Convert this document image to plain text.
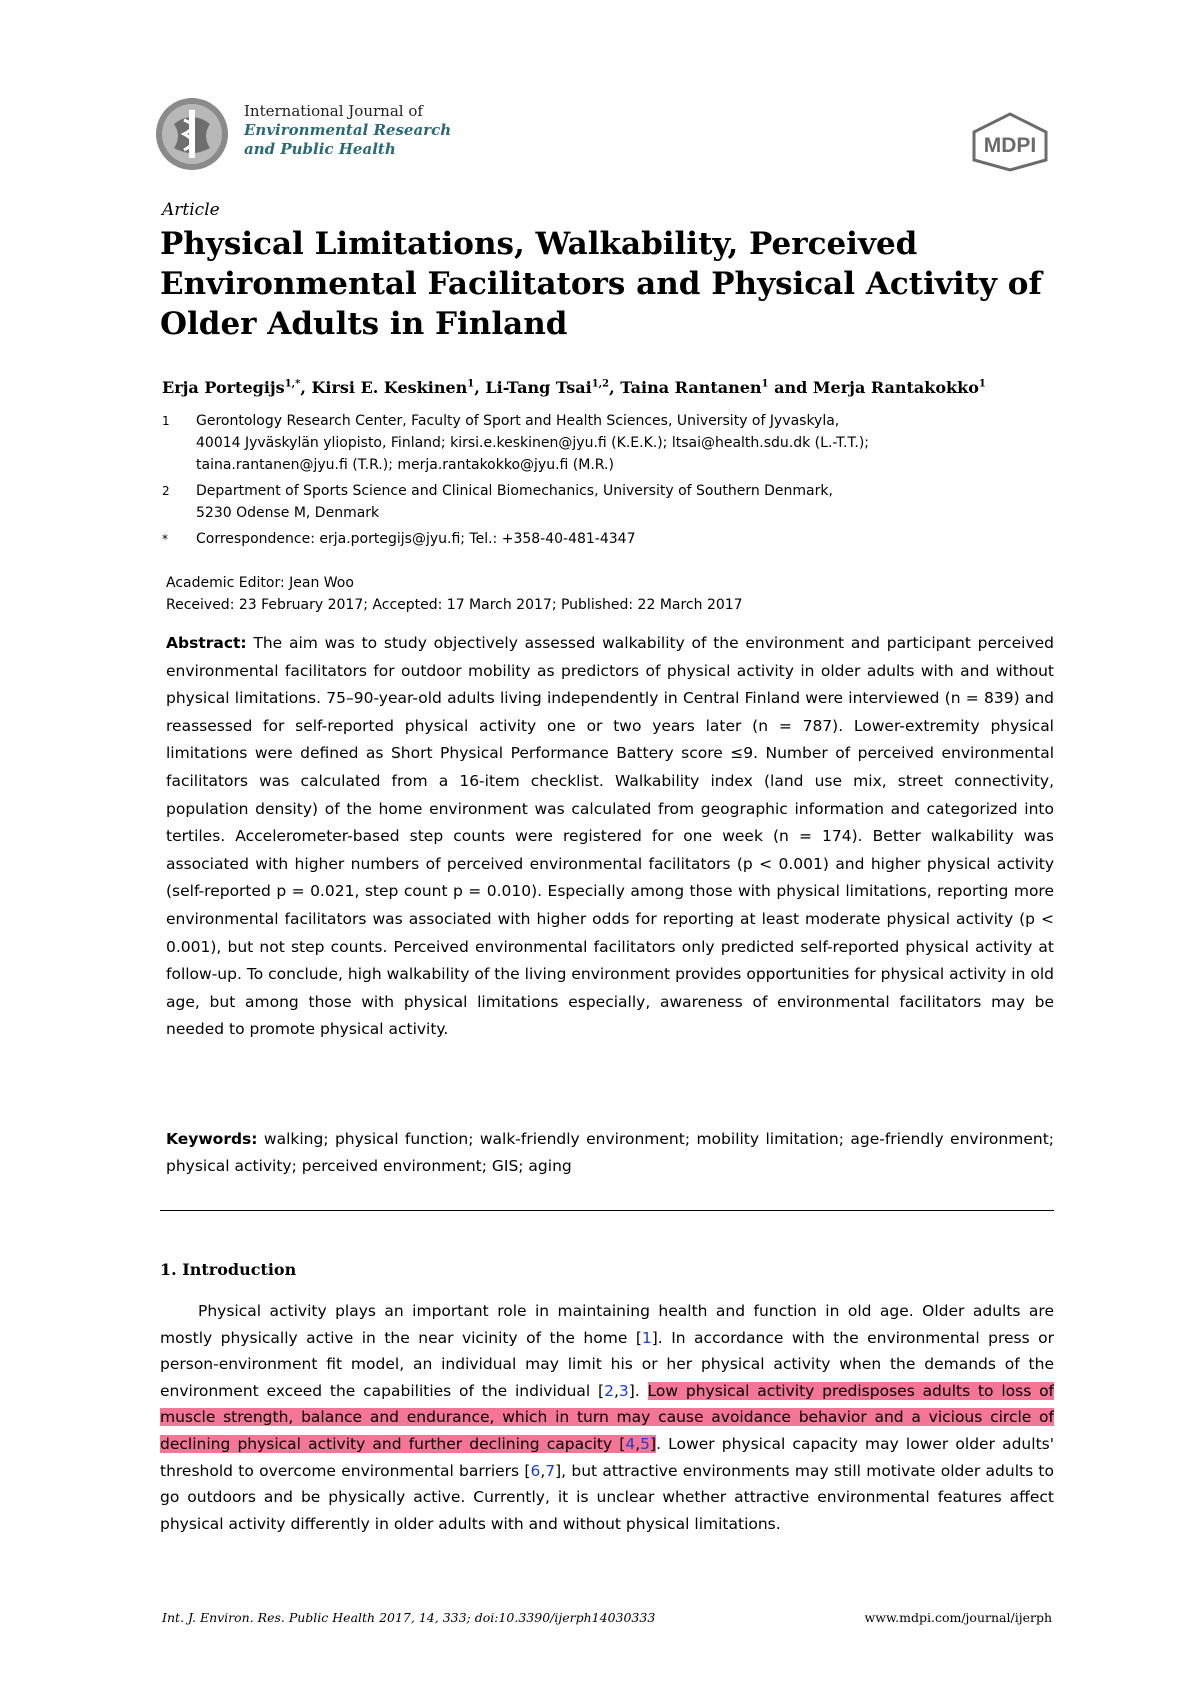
International Journal of
Environmental Research
and Public Health	MDPI
Article
Physical Limitations, Walkability, Perceived
Environmental Facilitators and Physical Activity of
Older Adults in Finland
Erja Portegijs$^{1,*}$, Kirsi E. Keskinen$^1$, Li-Tang Tsai$^{1,2}$, Taina Rantanen$^1$ and Merja Rantakokko$^1$
1	Gerontology Research Center, Faculty of Sport and Health Sciences, University of Jyvaskyla,
40014 Jyväskylän yliopisto, Finland; kirsi.e.keskinen@jyu.fi (K.E.K.); ltsai@health.sdu.dk (L.-T.T.);
taina.rantanen@jyu.fi (T.R.); merja.rantakokko@jyu.fi (M.R.)
2	Department of Sports Science and Clinical Biomechanics, University of Southern Denmark,
5230 Odense M, Denmark
*	Correspondence: erja.portegijs@jyu.fi; Tel.: +358-40-481-4347
Academic Editor: Jean Woo
Received: 23 February 2017; Accepted: 17 March 2017; Published: 22 March 2017
Abstract: The aim was to study objectively assessed walkability of the environment and participant perceived environmental facilitators for outdoor mobility as predictors of physical activity in older adults with and without physical limitations. 75–90-year-old adults living independently in Central Finland were interviewed (n = 839) and reassessed for self-reported physical activity one or two years later (n = 787). Lower-extremity physical limitations were defined as Short Physical Performance Battery score ≤9. Number of perceived environmental facilitators was calculated from a 16-item checklist. Walkability index (land use mix, street connectivity, population density) of the home environment was calculated from geographic information and categorized into tertiles. Accelerometer-based step counts were registered for one week (n = 174). Better walkability was associated with higher numbers of perceived environmental facilitators (p < 0.001) and higher physical activity (self-reported p = 0.021, step count p = 0.010). Especially among those with physical limitations, reporting more environmental facilitators was associated with higher odds for reporting at least moderate physical activity (p < 0.001), but not step counts. Perceived environmental facilitators only predicted self-reported physical activity at follow-up. To conclude, high walkability of the living environment provides opportunities for physical activity in old age, but among those with physical limitations especially, awareness of environmental facilitators may be needed to promote physical activity.
Keywords: walking; physical function; walk-friendly environment; mobility limitation; age-friendly environment; physical activity; perceived environment; GIS; aging
1. Introduction

Physical activity plays an important role in maintaining health and function in old age. Older adults are mostly physically active in the near vicinity of the home [1]. In accordance with the environmental press or person-environment fit model, an individual may limit his or her physical activity when the demands of the environment exceed the capabilities of the individual [2,3]. Low physical activity predisposes adults to loss of muscle strength, balance and endurance, which in turn may cause avoidance behavior and a vicious circle of declining physical activity and further declining capacity [4,5]. Lower physical capacity may lower older adults' threshold to overcome environmental barriers [6,7], but attractive environments may still motivate older adults to go outdoors and be physically active. Currently, it is unclear whether attractive environmental features affect physical activity differently in older adults with and without physical limitations.

Int. J. Environ. Res. Public Health 2017, 14, 333; doi:10.3390/ijerph14030333	www.mdpi.com/journal/ijerph
